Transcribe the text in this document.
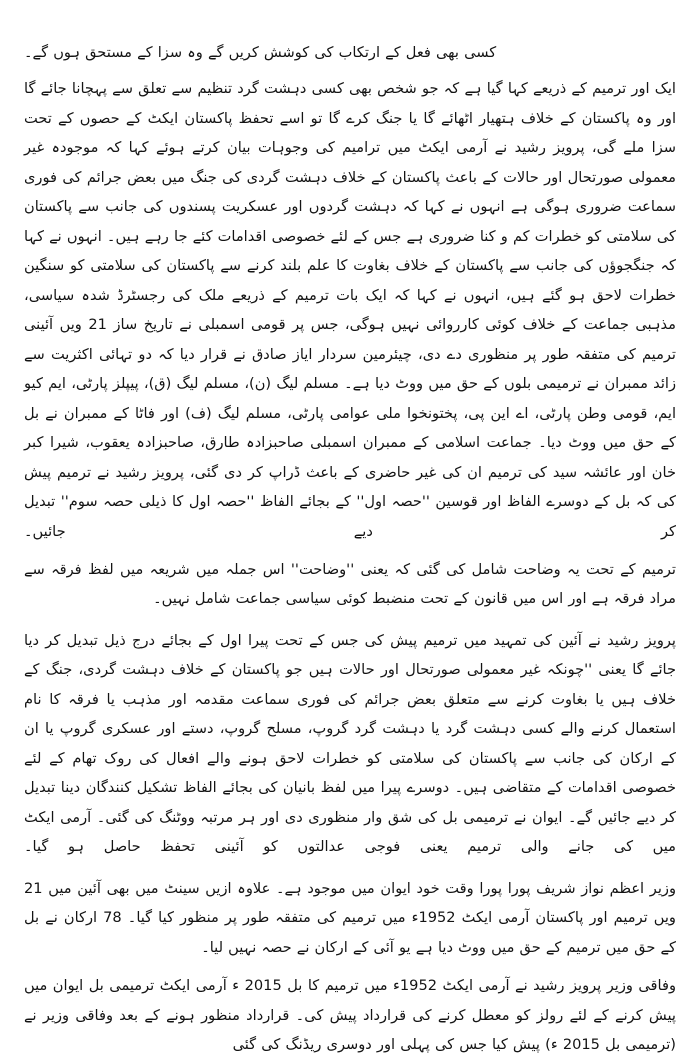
کسی بھی فعل کے ارتکاب کی کوشش کریں گے وہ سزا کے مستحق ہوں گے۔

ایک اور ترمیم کے ذریعے کہا گیا ہے کہ جو شخص بھی کسی دہشت گرد تنظیم سے تعلق سے پہچانا جائے گا اور وہ پاکستان کے خلاف ہتھیار اٹھائے گا یا جنگ کرے گا تو اسے تحفظ پاکستان ایکٹ کے حصوں کے تحت سزا ملے گی، پرویز رشید نے آرمی ایکٹ میں ترامیم کی وجوہات بیان کرتے ہوئے کہا کہ موجودہ غیر معمولی صورتحال اور حالات کے باعث پاکستان کے خلاف دہشت گردی کی جنگ میں بعض جرائم کی فوری سماعت ضروری ہوگی ہے انہوں نے کہا کہ دہشت گردوں اور عسکریت پسندوں کی جانب سے پاکستان کی سلامتی کو خطرات کم و کنا ضروری ہے جس کے لئے خصوصی اقدامات کئے جا رہے ہیں۔ انہوں نے کہا کہ جنگجوؤں کی جانب سے پاکستان کے خلاف بغاوت کا علم بلند کرنے سے پاکستان کی سلامتی کو سنگین خطرات لاحق ہو گئے ہیں، انہوں نے کہا کہ ایک بات ترمیم کے ذریعے ملک کی رجسٹرڈ شدہ سیاسی، مذہبی جماعت کے خلاف کوئی کارروائی نہیں ہوگی، جس پر قومی اسمبلی نے تاریخ ساز 21 ویں آئینی ترمیم کی متفقہ طور پر منظوری دے دی، چیئرمین سردار ایاز صادق نے قرار دیا کہ دو تہائی اکثریت سے زائد ممبران نے ترمیمی بلوں کے حق میں ووٹ دیا ہے۔ مسلم لیگ (ن)، مسلم لیگ (ق)، پیپلز پارٹی، ایم کیو ایم، قومی وطن پارٹی، اے این پی، پختونخوا ملی عوامی پارٹی، مسلم لیگ (ف) اور فاٹا کے ممبران نے بل کے حق میں ووٹ دیا۔ جماعت اسلامی کے ممبران اسمبلی صاحبزادہ طارق، صاحبزادہ یعقوب، شیرا کبر خان اور عائشہ سید کی ترمیم ان کی غیر حاضری کے باعث ڈراپ کر دی گئی، پرویز رشید نے ترمیم پیش کی کہ بل کے دوسرے الفاظ اور قوسین ''حصہ اول'' کے بجائے الفاظ ''حصہ اول کا ذیلی حصہ سوم'' تبدیل کر دیے جائیں۔

ترمیم کے تحت یہ وضاحت شامل کی گئی کہ یعنی ''وضاحت'' اس جملہ میں شریعہ میں لفظ فرقہ سے مراد فرقہ ہے اور اس میں قانون کے تحت منضبط کوئی سیاسی جماعت شامل نہیں۔

پرویز رشید نے آئین کی تمہید میں ترمیم پیش کی جس کے تحت پیرا اول کے بجائے درج ذیل تبدیل کر دیا جائے گا یعنی ''چونکہ غیر معمولی صورتحال اور حالات ہیں جو پاکستان کے خلاف دہشت گردی، جنگ کے خلاف ہیں یا بغاوت کرنے سے متعلق بعض جرائم کی فوری سماعت مقدمہ اور مذہب یا فرقہ کا نام استعمال کرنے والے کسی دہشت گرد یا دہشت گرد گروپ، مسلح گروپ، دستے اور عسکری گروپ یا ان کے ارکان کی جانب سے پاکستان کی سلامتی کو خطرات لاحق ہونے والے افعال کی روک تھام کے لئے خصوصی اقدامات کے متقاضی ہیں۔ دوسرے پیرا میں لفظ بانیان کی بجائے الفاظ تشکیل کنندگان دینا تبدیل کر دیے جائیں گے۔ ایوان نے ترمیمی بل کی شق وار منظوری دی اور ہر مرتبہ ووٹنگ کی گئی۔ آرمی ایکٹ میں کی جانے والی ترمیم یعنی فوجی عدالتوں کو آئینی تحفظ حاصل ہو گیا۔

وزیر اعظم نواز شریف پورا پورا وقت خود ایوان میں موجود ہے۔ علاوہ ازیں سینٹ میں بھی آئین میں 21 ویں ترمیم اور پاکستان آرمی ایکٹ 1952ء میں ترمیم کی متفقہ طور پر منظور کیا گیا۔ 78 ارکان نے بل کے حق میں ترمیم کے حق میں ووٹ دیا ہے یو آئی کے ارکان نے حصہ نہیں لیا۔

وفاقی وزیر پرویز رشید نے آرمی ایکٹ 1952ء میں ترمیم کا بل 2015 ء آرمی ایکٹ ترمیمی بل ایوان میں پیش کرنے کے لئے رولز کو معطل کرنے کی قرارداد پیش کی۔ قرارداد منظور ہونے کے بعد وفاقی وزیر نے (ترمیمی بل 2015 ء) پیش کیا جس کی پہلی اور دوسری ریڈنگ کی گئی
